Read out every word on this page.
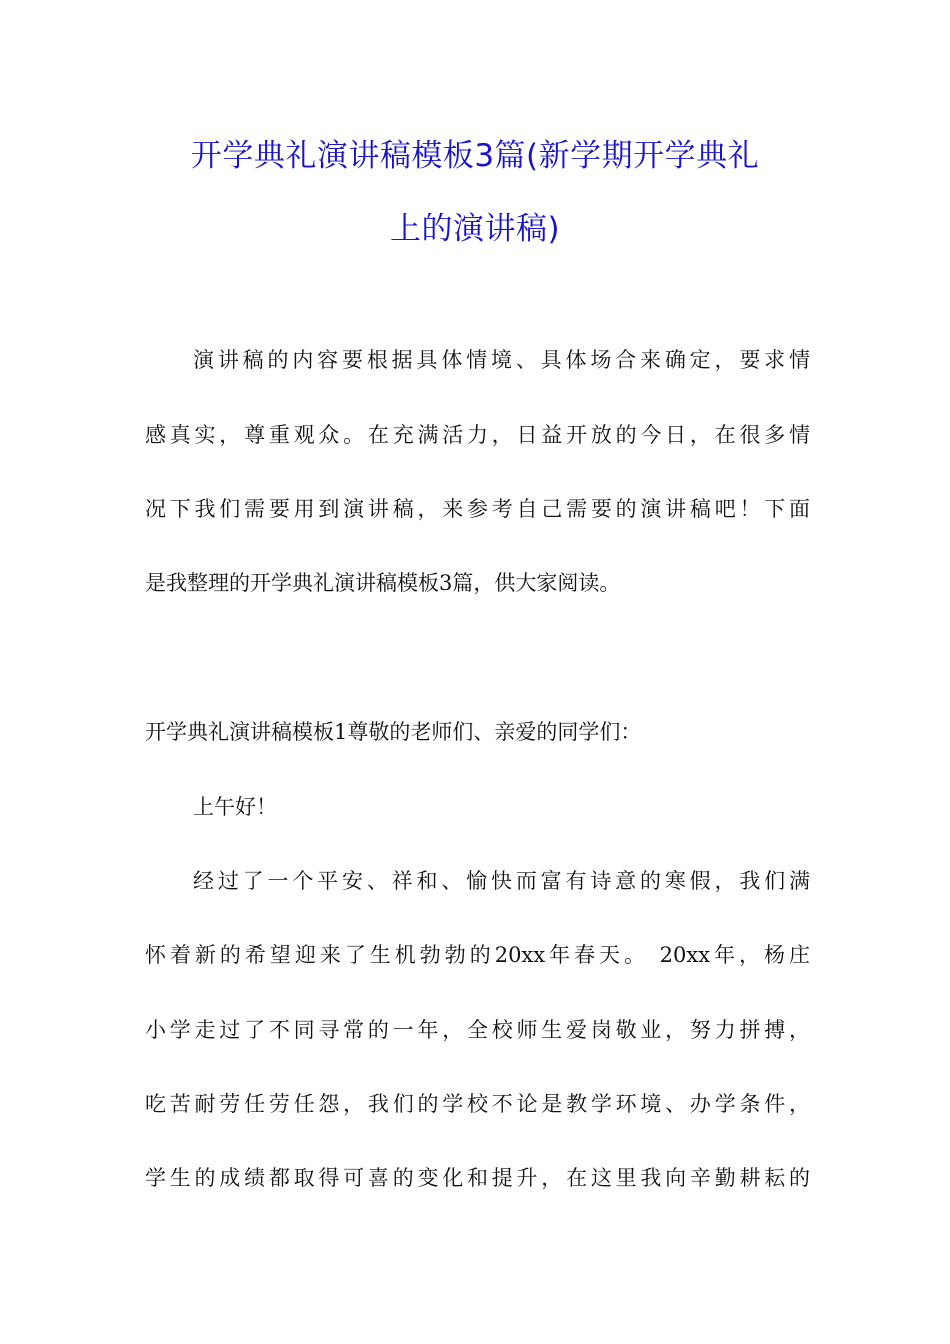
开学典礼演讲稿模板3篇(新学期开学典礼
上的演讲稿)
演讲稿的内容要根据具体情境、具体场合来确定，要求情
感真实，尊重观众。在充满活力，日益开放的今日，在很多情
况下我们需要用到演讲稿，来参考自己需要的演讲稿吧！下面
是我整理的开学典礼演讲稿模板3篇，供大家阅读。
开学典礼演讲稿模板1尊敬的老师们、亲爱的同学们：
上午好！
经过了一个平安、祥和、愉快而富有诗意的寒假，我们满
怀着新的希望迎来了生机勃勃的20xx年春天。 20xx年，杨庄
小学走过了不同寻常的一年，全校师生爱岗敬业，努力拼搏，
吃苦耐劳任劳任怨，我们的学校不论是教学环境、办学条件，
学生的成绩都取得可喜的变化和提升，在这里我向辛勤耕耘的
